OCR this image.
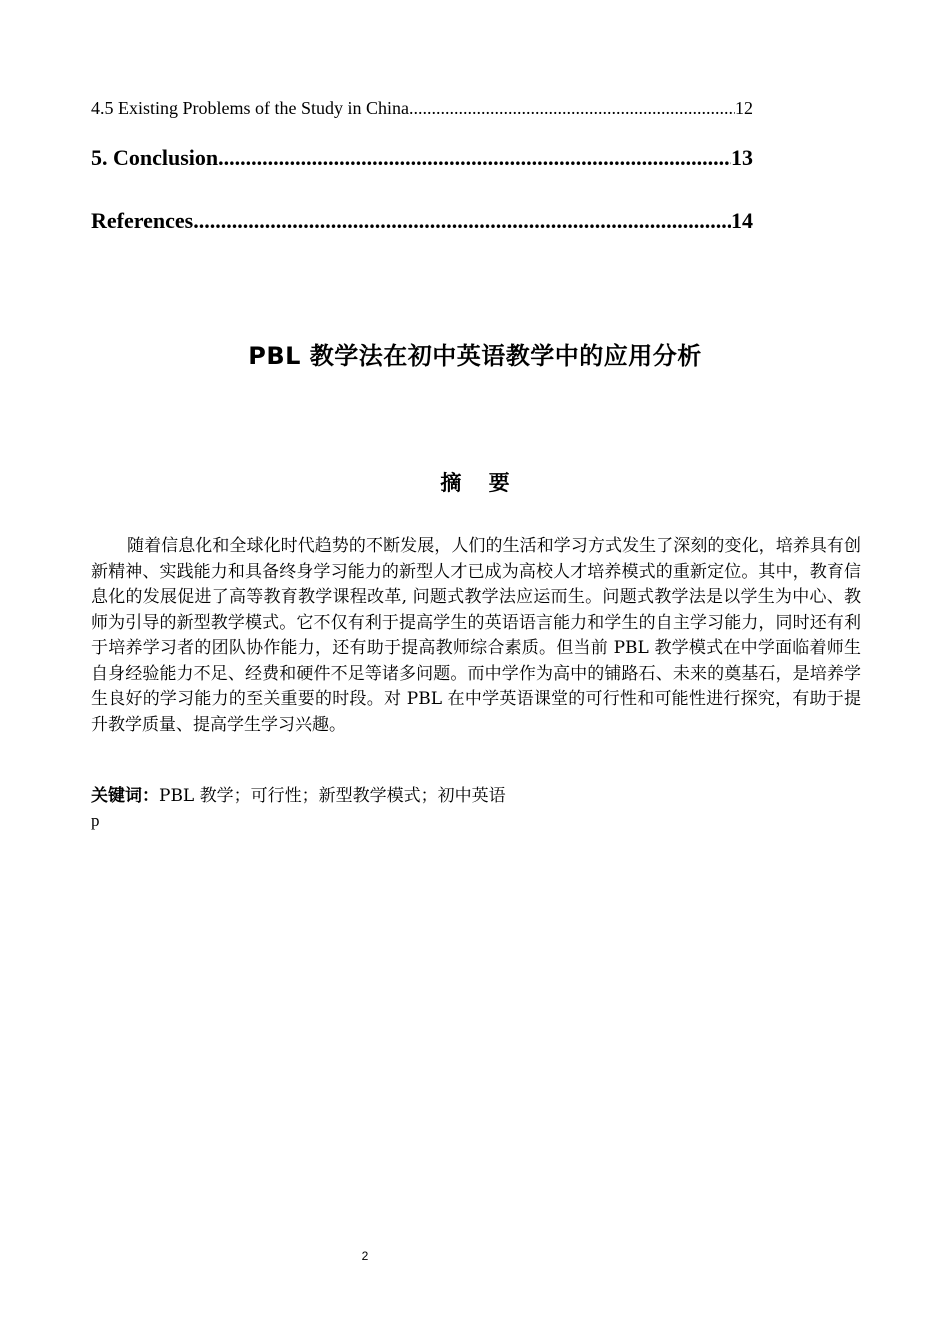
4.5 Existing Problems of the Study in China .....	12
5. Conclusion .....	13
References .....	14
PBL 教学法在初中英语教学中的应用分析
摘 要

随着信息化和全球化时代趋势的不断发展，人们的生活和学习方式发生了深刻的变化，培养具有创新精神、实践能力和具备终身学习能力的新型人才已成为高校人才培养模式的重新定位。其中，教育信息化的发展促进了高等教育教学课程改革, 问题式教学法应运而生。问题式教学法是以学生为中心、教师为引导的新型教学模式。它不仅有利于提高学生的英语语言能力和学生的自主学习能力，同时还有利于培养学习者的团队协作能力，还有助于提高教师综合素质。但当前 PBL 教学模式在中学面临着师生自身经验能力不足、经费和硬件不足等诸多问题。而中学作为高中的铺路石、未来的奠基石，是培养学生良好的学习能力的至关重要的时段。对 PBL 在中学英语课堂的可行性和可能性进行探究，有助于提升教学质量、提高学生学习兴趣。

关键词：PBL 教学；可行性；新型教学模式；初中英语
p
2
